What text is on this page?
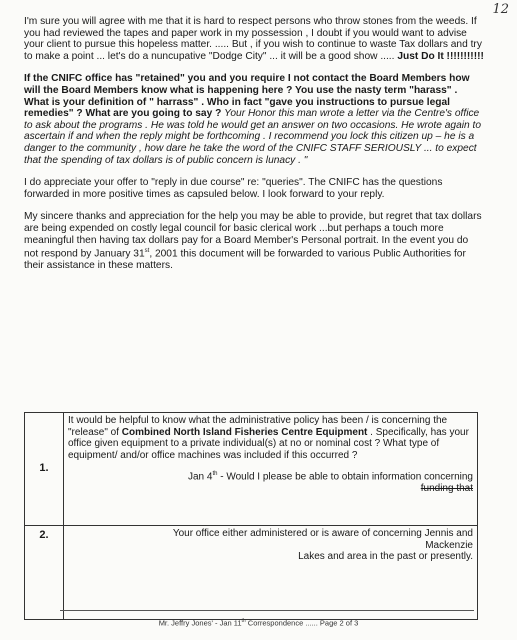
12

I'm sure you will agree with me that it is hard to respect persons who throw stones from the weeds. If you had reviewed the tapes and paper work in my possession , I doubt if you would want to advise your client to pursue this hopeless matter. ..... But , if you wish to continue to waste Tax dollars and try to make a point ... let's do a nuncupative "Dodge City" ... it will be a good show ..... Just Do It !!!!!!!!!!!

If the CNIFC office has "retained" you and you require I not contact the Board Members how will the Board Members know what is happening here ? You use the nasty term "harass" . What is your definition of " harrass" . Who in fact "gave you instructions to pursue legal remedies" ? What are you going to say ? Your Honor this man wrote a letter via the Centre's office to ask about the programs . He was told he would get an answer on two occasions. He wrote again to ascertain if and when the reply might be forthcoming . I recommend you lock this citizen up – he is a danger to the community , how dare he take the word of the CNIFC STAFF SERIOUSLY ... to expect that the spending of tax dollars is of public concern is lunacy . "

I do appreciate your offer to "reply in due course" re: "queries". The CNIFC has the questions forwarded in more positive times as capsuled below. I look forward to your reply.

My sincere thanks and appreciation for the help you may be able to provide, but regret that tax dollars are being expended on costly legal council for basic clerical work ...but perhaps a touch more meaningful then having tax dollars pay for a Board Member's Personal portrait. In the event you do not respond by January 31st, 2001 this document will be forwarded to various Public Authorities for their assistance in these matters.

1.	It would be helpful to know what the administrative policy has been / is concerning the "release" of Combined North Island Fisheries Centre Equipment . Specifically, has your office given equipment to a private individual(s) at no or nominal cost ? What type of equipment/ and/or office machines was included if this occurred ?
Jan 4th - Would I please be able to obtain information concerning
funding that

2.	Your office either administered or is aware of concerning Jennis and
Mackenzie
Lakes and area in the past or presently.
Mr. Jeffry Jones' - Jan 11th Correspondence ...... Page 2 of 3
